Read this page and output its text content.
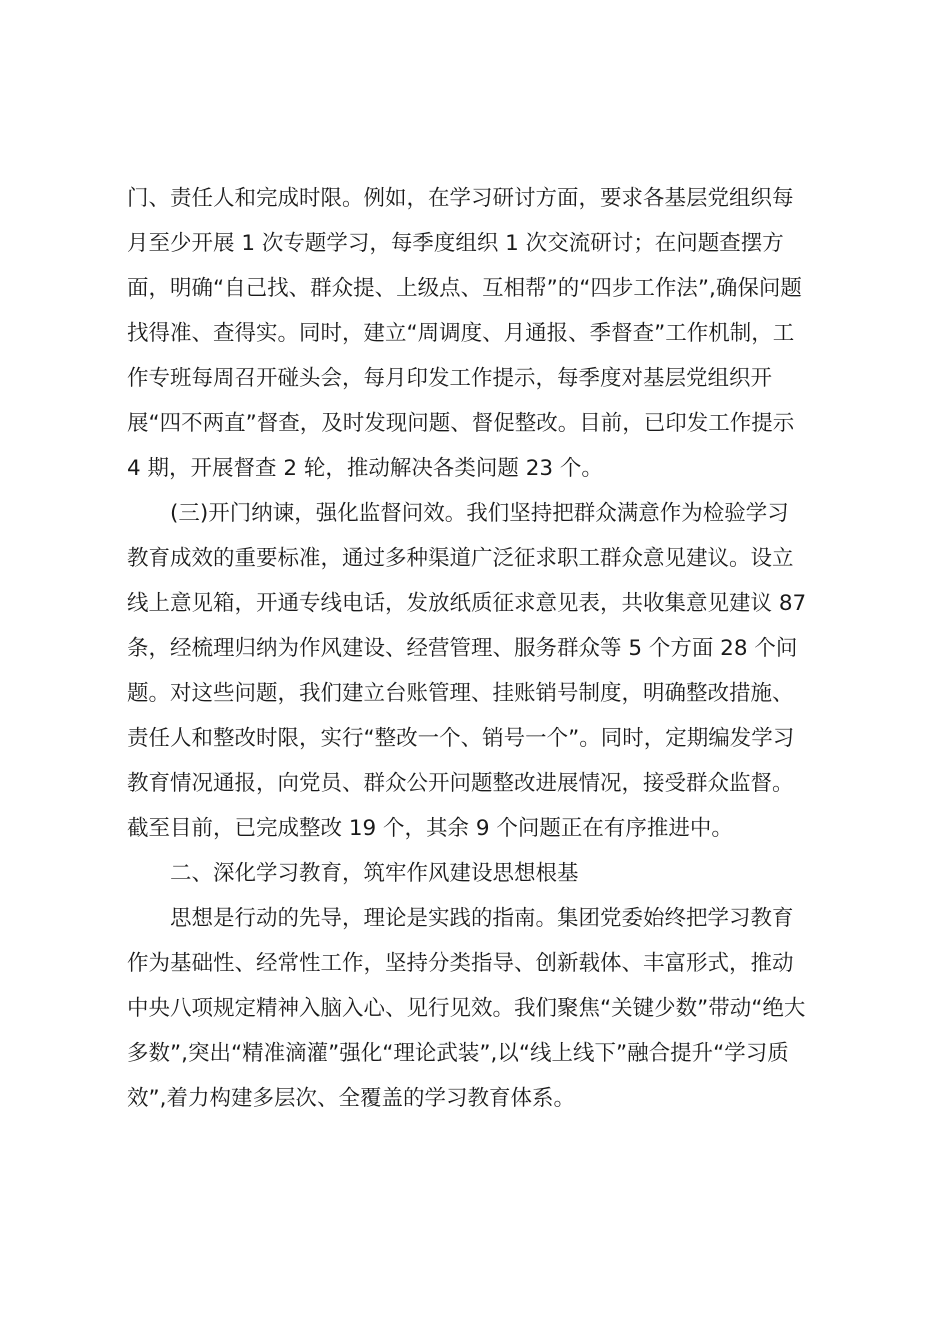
门、责任人和完成时限。例如，在学习研讨方面，要求各基层党组织每
月至少开展 1 次专题学习，每季度组织 1 次交流研讨；在问题查摆方
面，明确“自己找、群众提、上级点、互相帮”的“四步工作法”,确保问题
找得准、查得实。同时，建立“周调度、月通报、季督查”工作机制，工
作专班每周召开碰头会，每月印发工作提示，每季度对基层党组织开
展“四不两直”督查，及时发现问题、督促整改。目前，已印发工作提示
4 期，开展督查 2 轮，推动解决各类问题 23 个。
(三)开门纳谏，强化监督问效。我们坚持把群众满意作为检验学习
教育成效的重要标准，通过多种渠道广泛征求职工群众意见建议。设立
线上意见箱，开通专线电话，发放纸质征求意见表，共收集意见建议 87
条，经梳理归纳为作风建设、经营管理、服务群众等 5 个方面 28 个问
题。对这些问题，我们建立台账管理、挂账销号制度，明确整改措施、
责任人和整改时限，实行“整改一个、销号一个”。同时，定期编发学习
教育情况通报，向党员、群众公开问题整改进展情况，接受群众监督。
截至目前，已完成整改 19 个，其余 9 个问题正在有序推进中。
二、深化学习教育，筑牢作风建设思想根基
思想是行动的先导，理论是实践的指南。集团党委始终把学习教育
作为基础性、经常性工作，坚持分类指导、创新载体、丰富形式，推动
中央八项规定精神入脑入心、见行见效。我们聚焦“关键少数”带动“绝大
多数”,突出“精准滴灌”强化“理论武装”,以“线上线下”融合提升“学习质
效”,着力构建多层次、全覆盖的学习教育体系。
